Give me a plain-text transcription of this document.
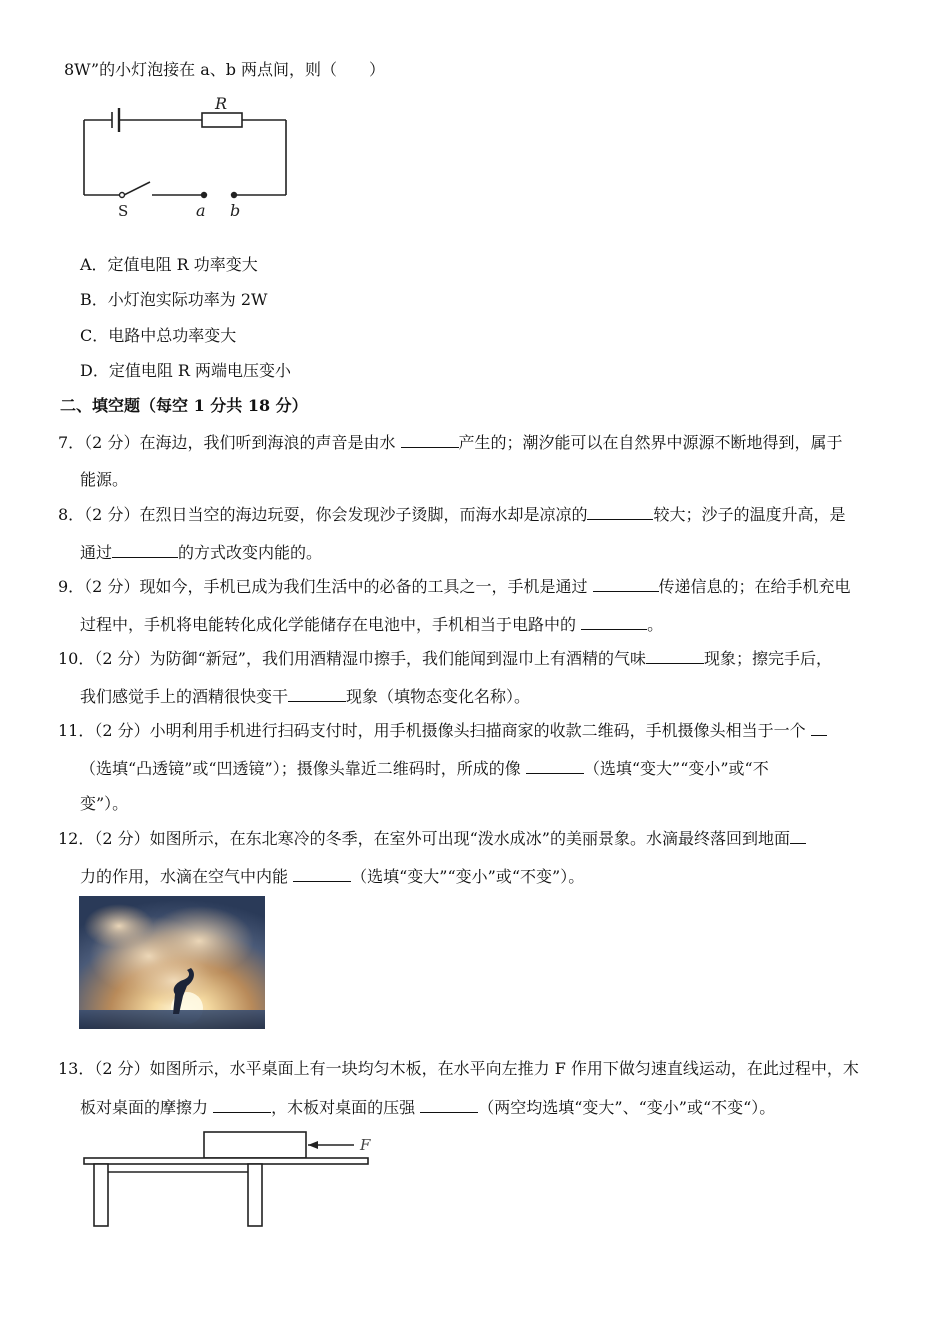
8W”的小灯泡接在 a、b 两点间，则（　　）
R
S	a b
A．定值电阻 R 功率变大
B．小灯泡实际功率为 2W
C．电路中总功率变大
D．定值电阻 R 两端电压变小
二、填空题（每空 1 分共 18 分）
7．（2 分）在海边，我们听到海浪的声音是由水	产生的；潮汐能可以在自然界中源源不断地得到，属于
能源。
8．（2 分）在烈日当空的海边玩耍，你会发现沙子烫脚，而海水却是凉凉的	较大；沙子的温度升高，是
通过	的方式改变内能的。
9．（2 分）现如今，手机已成为我们生活中的必备的工具之一，手机是通过	传递信息的；在给手机充电
过程中，手机将电能转化成化学能储存在电池中，手机相当于电路中的	。
10．（2 分）为防御“新冠”，我们用酒精湿巾擦手，我们能闻到湿巾上有酒精的气味	现象；擦完手后，
我们感觉手上的酒精很快变干	现象（填物态变化名称）。
11．（2 分）小明利用手机进行扫码支付时，用手机摄像头扫描商家的收款二维码，手机摄像头相当于一个
（选填“凸透镜”或“凹透镜”）；摄像头靠近二维码时，所成的像	（选填“变大”“变小”或“不
变”）。
12．（2 分）如图所示，在东北寒冷的冬季，在室外可出现“泼水成冰”的美丽景象。水滴最终落回到地面
力的作用，水滴在空气中内能	（选填“变大”“变小”或“不变”）。
13．（2 分）如图所示，水平桌面上有一块均匀木板，在水平向左推力 F 作用下做匀速直线运动，在此过程中，木
板对桌面的摩擦力	，木板对桌面的压强	（两空均选填“变大”、“变小”或“不变“）。
F
